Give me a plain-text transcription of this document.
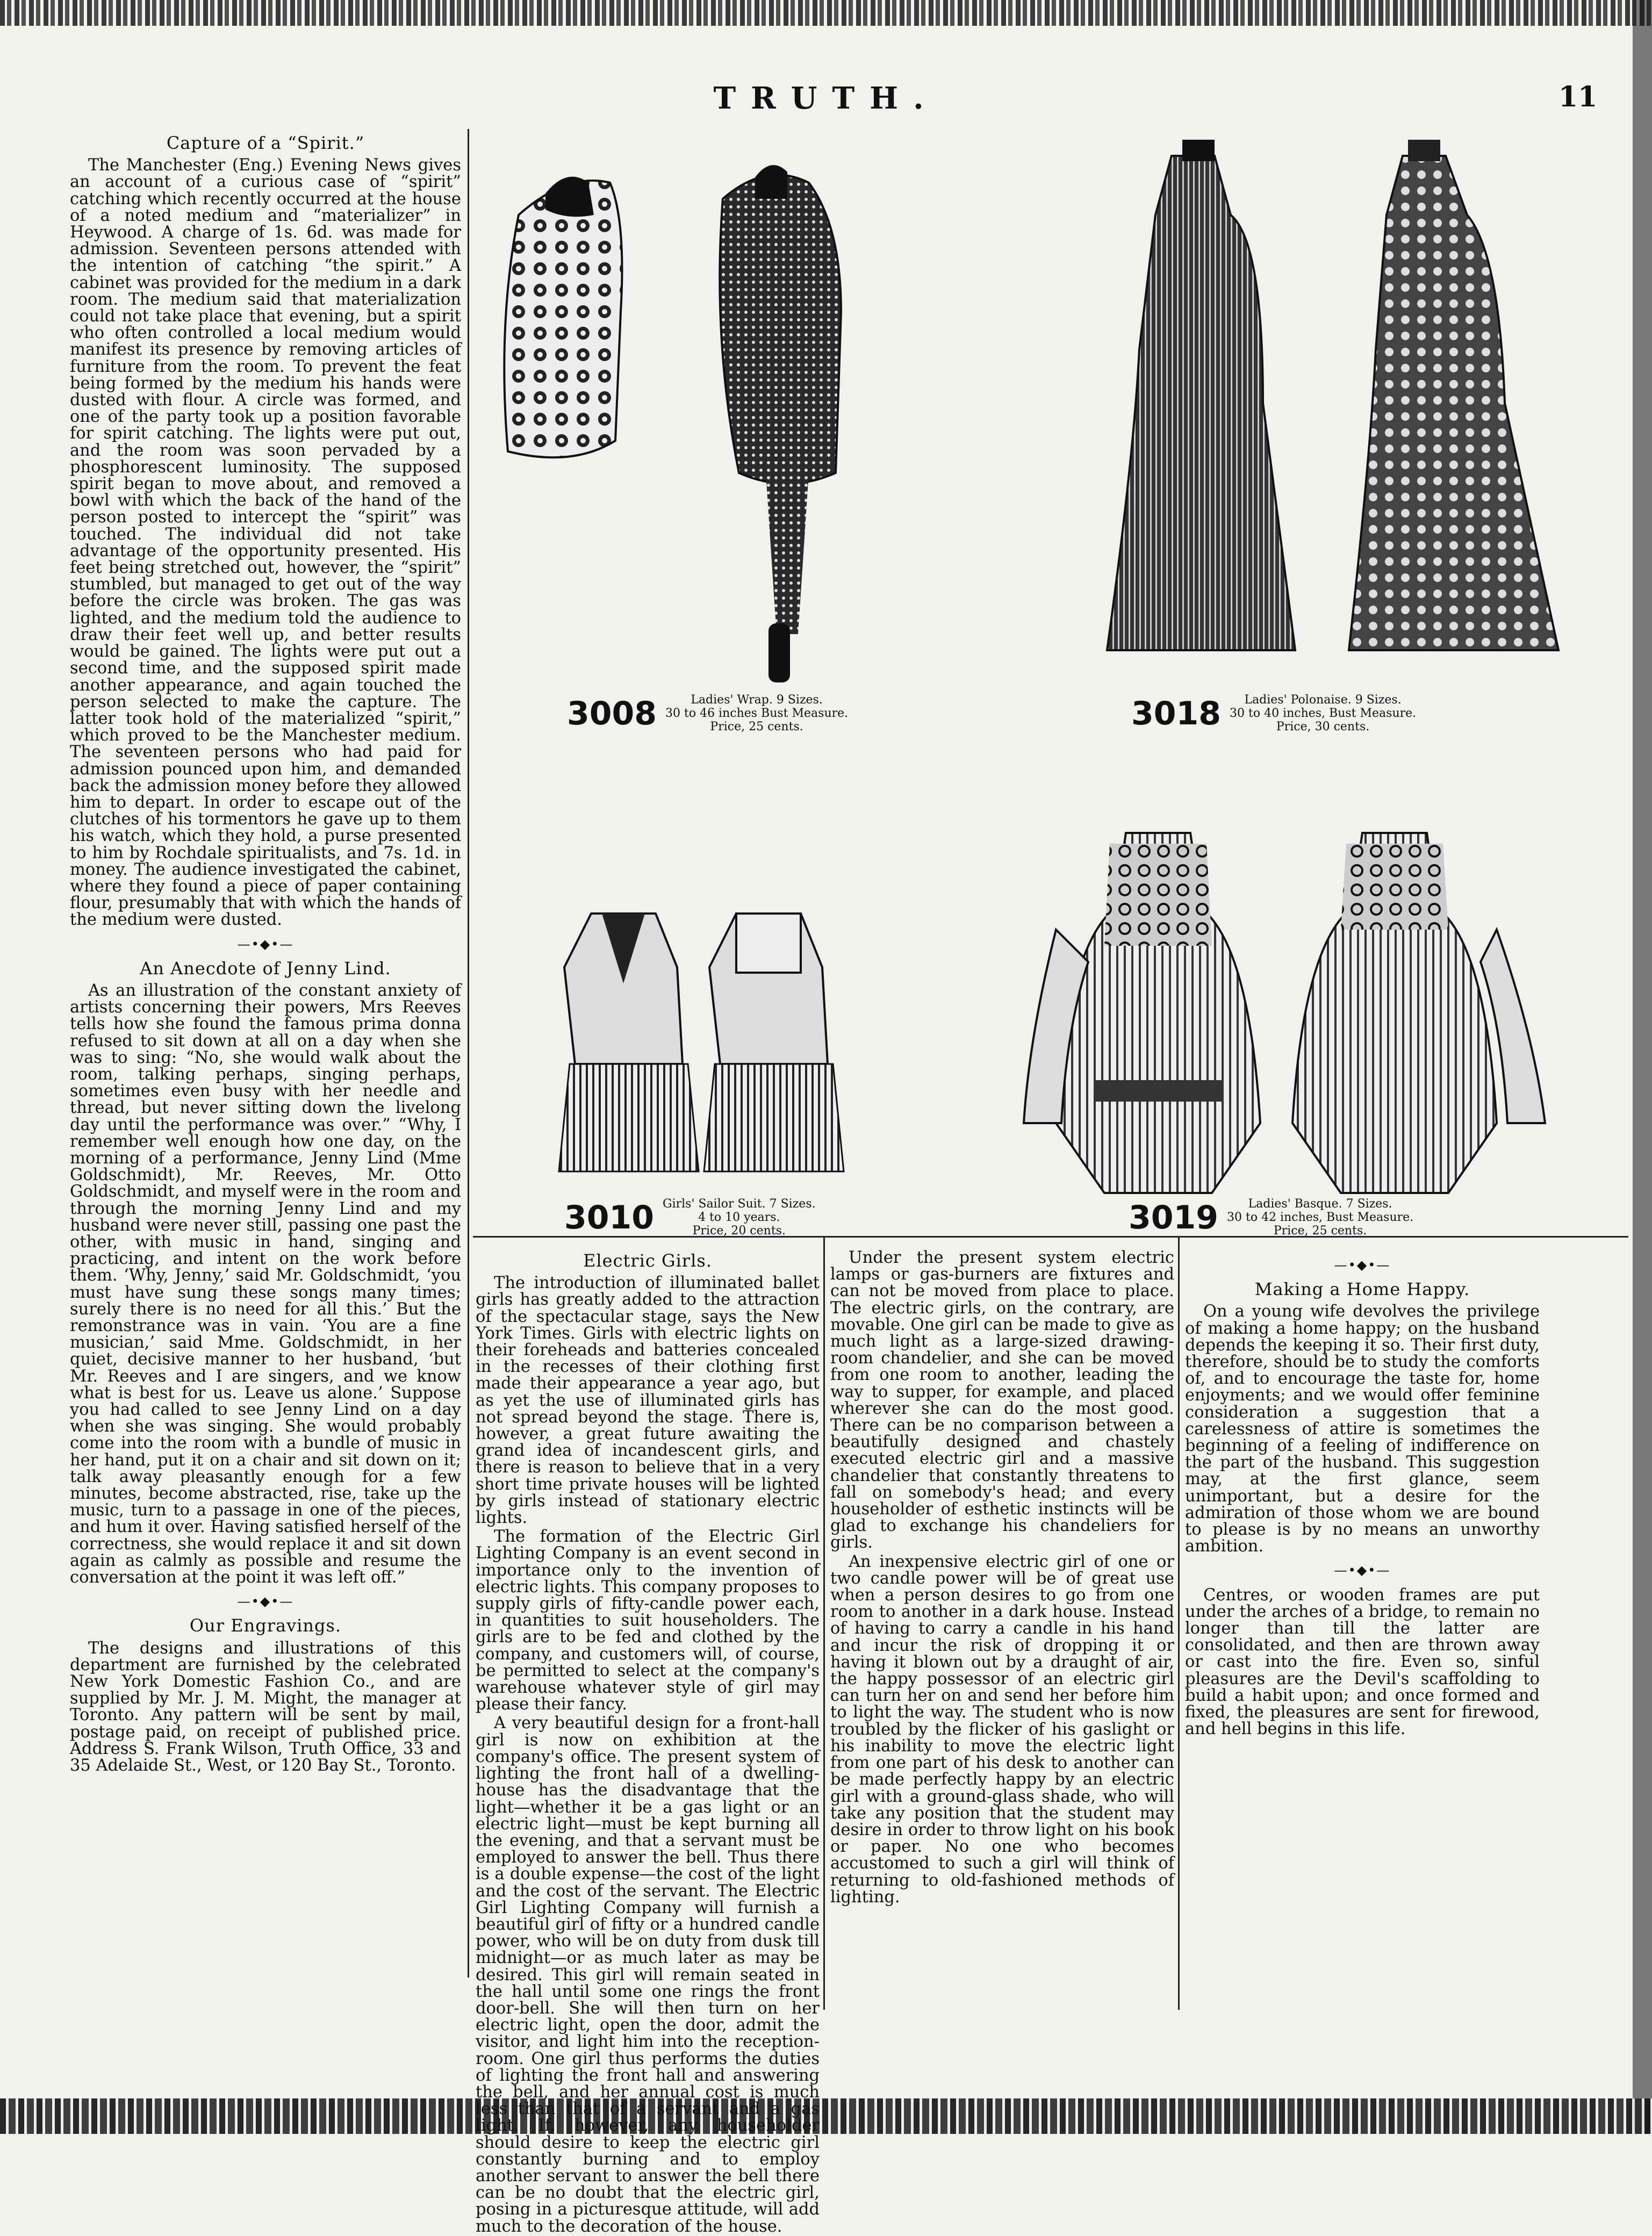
TRUTH.	11
3008	Ladies' Wrap. 9 Sizes.
30 to 46 inches Bust Measure.
Price, 25 cents.	3018	Ladies' Polonaise. 9 Sizes.
30 to 40 inches, Bust Measure.
Price, 30 cents.
3010 Girls' Sailor Suit. 7 Sizes.
4 to 10 years.
Price, 20 cents.	3019	Ladies' Basque. 7 Sizes.
30 to 42 inches, Bust Measure.
Price, 25 cents.
Capture of a “Spirit.”

The Manchester (Eng.) Evening News gives an account of a curious case of “spirit” catching which recently occurred at the house of a noted medium and “materializer” in Heywood. A charge of 1s. 6d. was made for admission. Seventeen persons attended with the intention of catching “the spirit.” A cabinet was provided for the medium in a dark room. The medium said that materialization could not take place that evening, but a spirit who often controlled a local medium would manifest its presence by removing articles of furniture from the room. To prevent the feat being formed by the medium his hands were dusted with flour. A circle was formed, and one of the party took up a position favorable for spirit catching. The lights were put out, and the room was soon pervaded by a phosphorescent luminosity. The supposed spirit began to move about, and removed a bowl with which the back of the hand of the person posted to intercept the “spirit” was touched. The individual did not take advantage of the opportunity presented. His feet being stretched out, however, the “spirit” stumbled, but managed to get out of the way before the circle was broken. The gas was lighted, and the medium told the audience to draw their feet well up, and better results would be gained. The lights were put out a second time, and the supposed spirit made another appearance, and again touched the person selected to make the capture. The latter took hold of the materialized “spirit,” which proved to be the Manchester medium. The seventeen persons who had paid for admission pounced upon him, and demanded back the admission money before they allowed him to depart. In order to escape out of the clutches of his tormentors he gave up to them his watch, which they hold, a purse presented to him by Rochdale spiritualists, and 7s. 1d. in money. The audience investigated the cabinet, where they found a piece of paper containing flour, presumably that with which the hands of the medium were dusted.

—•◆•—
An Anecdote of Jenny Lind.

As an illustration of the constant anxiety of artists concerning their powers, Mrs Reeves tells how she found the famous prima donna refused to sit down at all on a day when she was to sing: “No, she would walk about the room, talking perhaps, singing perhaps, sometimes even busy with her needle and thread, but never sitting down the livelong day until the performance was over.” “Why, I remember well enough how one day, on the morning of a performance, Jenny Lind (Mme Goldschmidt), Mr. Reeves, Mr. Otto Goldschmidt, and myself were in the room and through the morning Jenny Lind and my husband were never still, passing one past the other, with music in hand, singing and practicing, and intent on the work before them. ‘Why, Jenny,’ said Mr. Goldschmidt, ‘you must have sung these songs many times; surely there is no need for all this.’ But the remonstrance was in vain. ‘You are a fine musician,’ said Mme. Goldschmidt, in her quiet, decisive manner to her husband, ‘but Mr. Reeves and I are singers, and we know what is best for us. Leave us alone.’ Suppose you had called to see Jenny Lind on a day when she was singing. She would probably come into the room with a bundle of music in her hand, put it on a chair and sit down on it; talk away pleasantly enough for a few minutes, become abstracted, rise, take up the music, turn to a passage in one of the pieces, and hum it over. Having satisfied herself of the correctness, she would replace it and sit down again as calmly as possible and resume the conversation at the point it was left off.”

—•◆•—
Our Engravings.

The designs and illustrations of this department are furnished by the celebrated New York Domestic Fashion Co., and are supplied by Mr. J. M. Might, the manager at Toronto. Any pattern will be sent by mail, postage paid, on receipt of published price. Address S. Frank Wilson, Truth Office, 33 and 35 Adelaide St., West, or 120 Bay St., Toronto.

Electric Girls.

The introduction of illuminated ballet girls has greatly added to the attraction of the spectacular stage, says the New York Times. Girls with electric lights on their foreheads and batteries concealed in the recesses of their clothing first made their appearance a year ago, but as yet the use of illuminated girls has not spread beyond the stage. There is, however, a great future awaiting the grand idea of incandescent girls, and there is reason to believe that in a very short time private houses will be lighted by girls instead of stationary electric lights.

The formation of the Electric Girl Lighting Company is an event second in importance only to the invention of electric lights. This company proposes to supply girls of fifty-candle power each, in quantities to suit householders. The girls are to be fed and clothed by the company, and customers will, of course, be permitted to select at the company's warehouse whatever style of girl may please their fancy.

A very beautiful design for a front-hall girl is now on exhibition at the company's office. The present system of lighting the front hall of a dwelling-house has the disadvantage that the light—whether it be a gas light or an electric light—must be kept burning all the evening, and that a servant must be employed to answer the bell. Thus there is a double expense—the cost of the light and the cost of the servant. The Electric Girl Lighting Company will furnish a beautiful girl of fifty or a hundred candle power, who will be on duty from dusk till midnight—or as much later as may be desired. This girl will remain seated in the hall until some one rings the front door-bell. She will then turn on her electric light, open the door, admit the visitor, and light him into the reception-room. One girl thus performs the duties of lighting the front hall and answering the bell, and her annual cost is much less than that of a servant and a gas light. If, however, any householder should desire to keep the electric girl constantly burning and to employ another servant to answer the bell there can be no doubt that the electric girl, posing in a picturesque attitude, will add much to the decoration of the house.

Under the present system electric lamps or gas-burners are fixtures and can not be moved from place to place. The electric girls, on the contrary, are movable. One girl can be made to give as much light as a large-sized drawing-room chandelier, and she can be moved from one room to another, leading the way to supper, for example, and placed wherever she can do the most good. There can be no comparison between a beautifully designed and chastely executed electric girl and a massive chandelier that constantly threatens to fall on somebody's head; and every householder of esthetic instincts will be glad to exchange his chandeliers for girls.

An inexpensive electric girl of one or two candle power will be of great use when a person desires to go from one room to another in a dark house. Instead of having to carry a candle in his hand and incur the risk of dropping it or having it blown out by a draught of air, the happy possessor of an electric girl can turn her on and send her before him to light the way. The student who is now troubled by the flicker of his gaslight or his inability to move the electric light from one part of his desk to another can be made perfectly happy by an electric girl with a ground-glass shade, who will take any position that the student may desire in order to throw light on his book or paper. No one who becomes accustomed to such a girl will think of returning to old-fashioned methods of lighting.

—•◆•—
Making a Home Happy.

On a young wife devolves the privilege of making a home happy; on the husband depends the keeping it so. Their first duty, therefore, should be to study the comforts of, and to encourage the taste for, home enjoyments; and we would offer feminine consideration a suggestion that a carelessness of attire is sometimes the beginning of a feeling of indifference on the part of the husband. This suggestion may, at the first glance, seem unimportant, but a desire for the admiration of those whom we are bound to please is by no means an unworthy ambition.

—•◆•—

Centres, or wooden frames are put under the arches of a bridge, to remain no longer than till the latter are consolidated, and then are thrown away or cast into the fire. Even so, sinful pleasures are the Devil's scaffolding to build a habit upon; and once formed and fixed, the pleasures are sent for firewood, and hell begins in this life.
